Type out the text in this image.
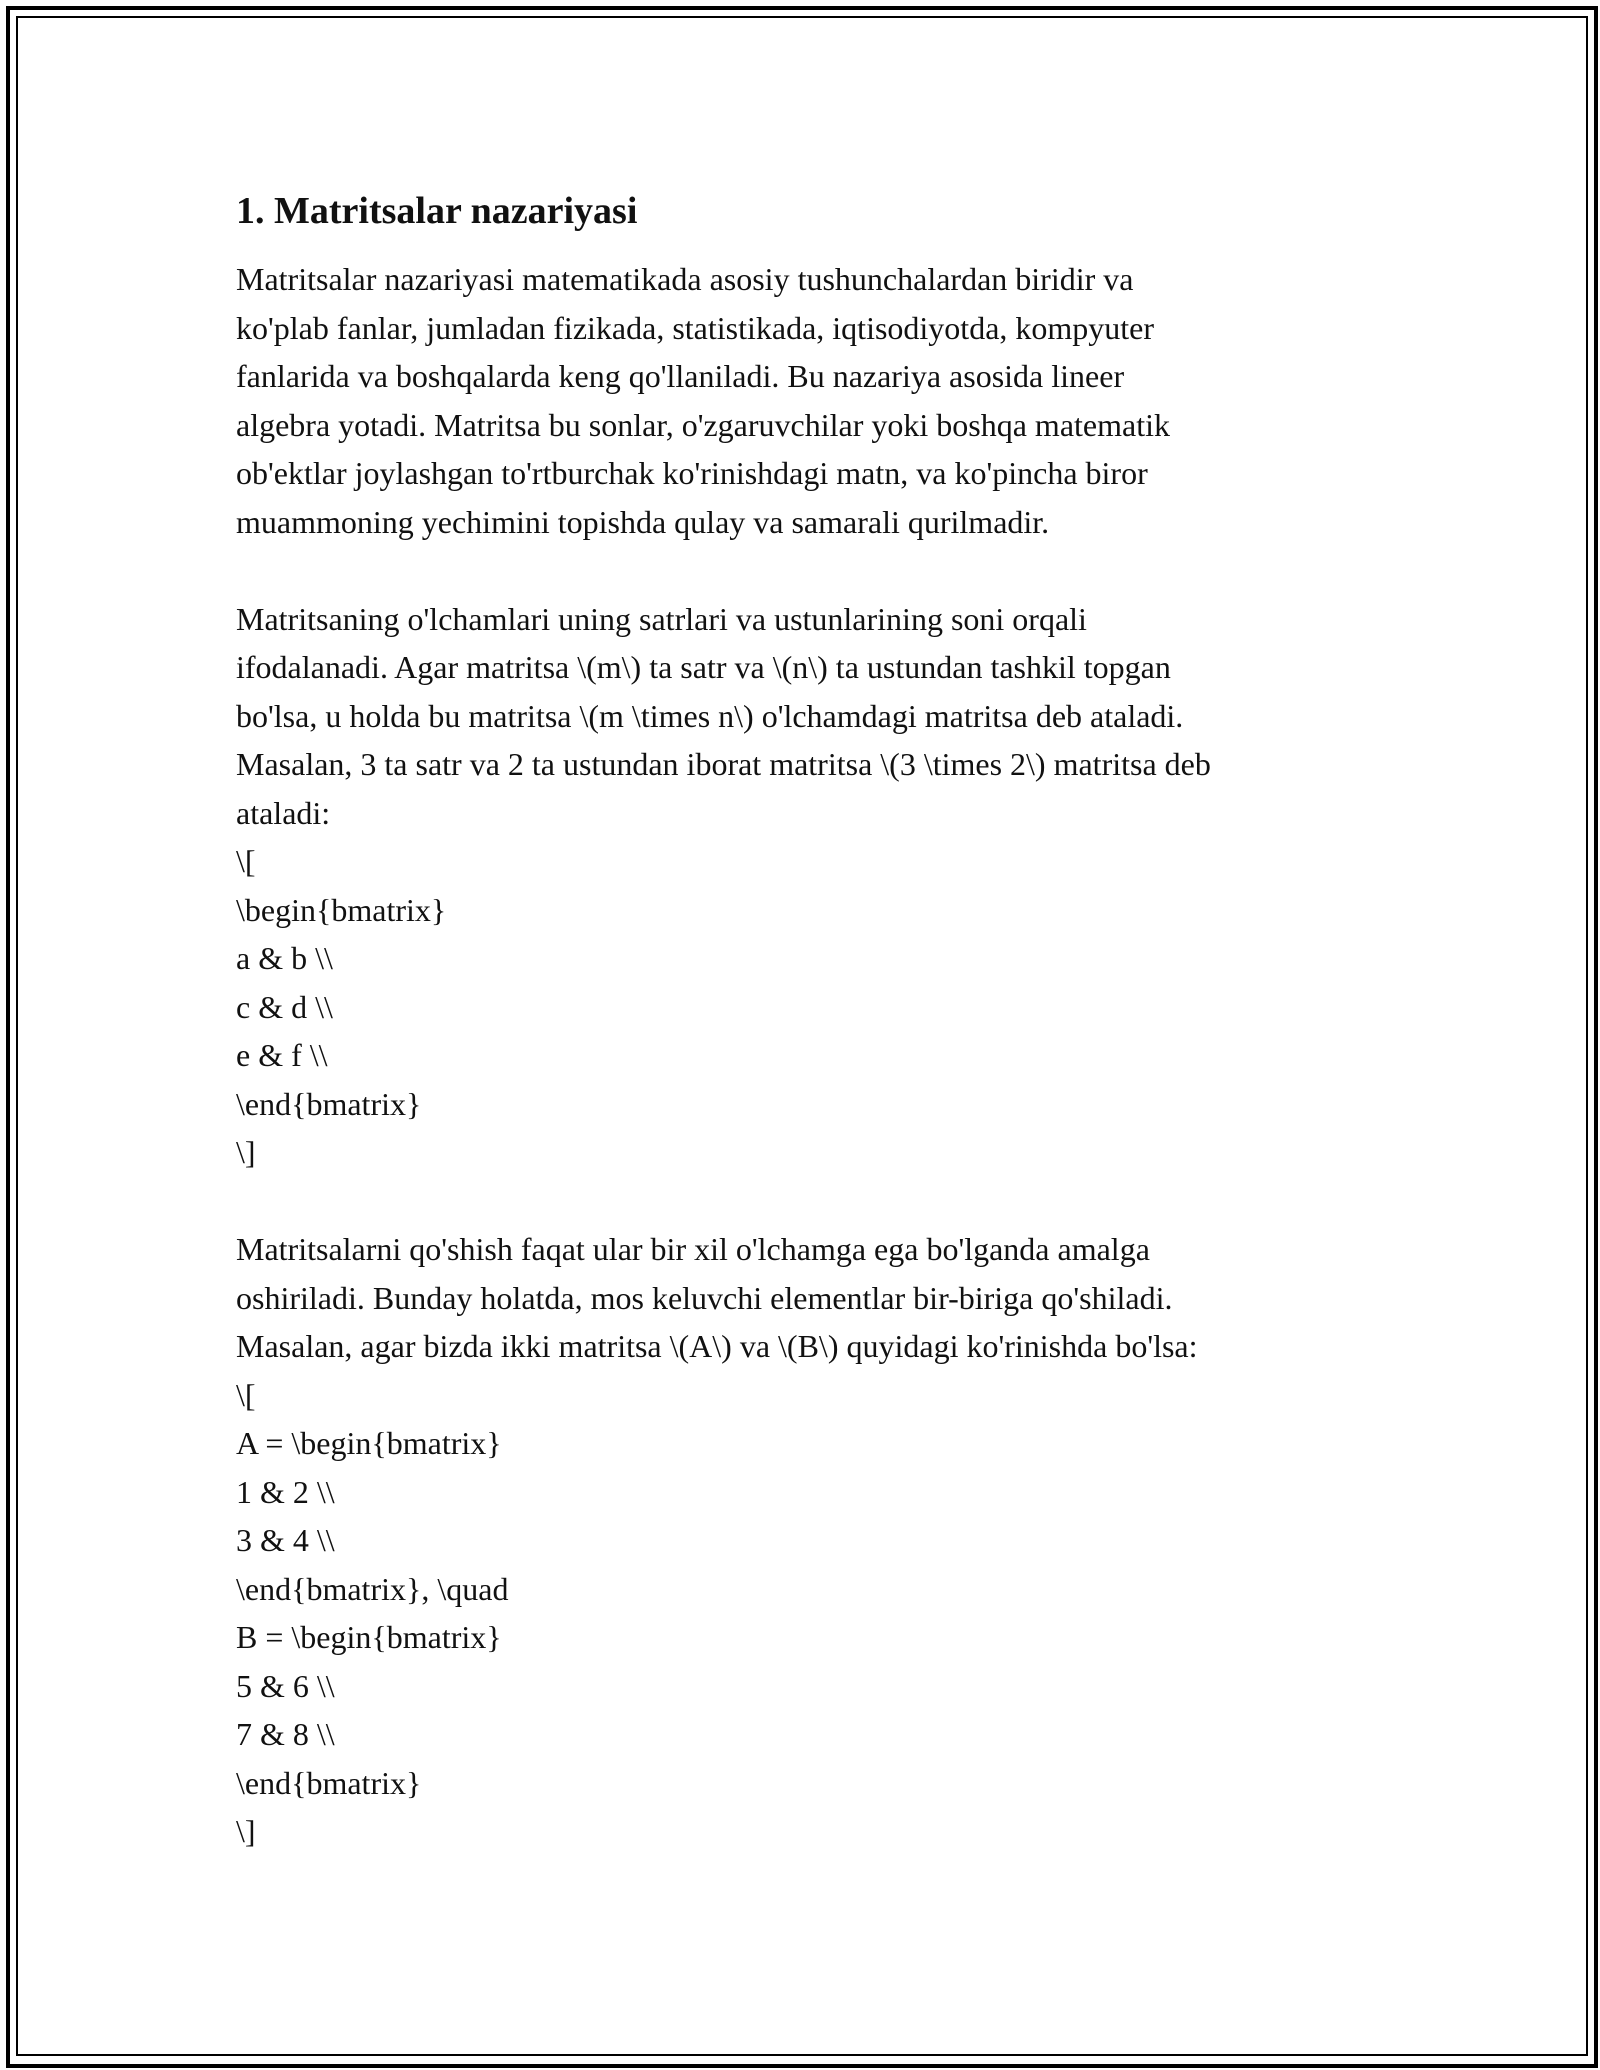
1. Matritsalar nazariyasi

Matritsalar nazariyasi matematikada asosiy tushunchalardan biridir va
ko'plab fanlar, jumladan fizikada, statistikada, iqtisodiyotda, kompyuter
fanlarida va boshqalarda keng qo'llaniladi. Bu nazariya asosida lineer
algebra yotadi. Matritsa bu sonlar, o'zgaruvchilar yoki boshqa matematik
ob'ektlar joylashgan to'rtburchak ko'rinishdagi matn, va ko'pincha biror
muammoning yechimini topishda qulay va samarali qurilmadir.

Matritsaning o'lchamlari uning satrlari va ustunlarining soni orqali
ifodalanadi. Agar matritsa \(m\) ta satr va \(n\) ta ustundan tashkil topgan
bo'lsa, u holda bu matritsa \(m \times n\) o'lchamdagi matritsa deb ataladi.
Masalan, 3 ta satr va 2 ta ustundan iborat matritsa \(3 \times 2\) matritsa deb
ataladi:

\[
\begin{bmatrix}
a & b \\
c & d \\
e & f \\
\end{bmatrix}
\]

Matritsalarni qo'shish faqat ular bir xil o'lchamga ega bo'lganda amalga
oshiriladi. Bunday holatda, mos keluvchi elementlar bir-biriga qo'shiladi.
Masalan, agar bizda ikki matritsa \(A\) va \(B\) quyidagi ko'rinishda bo'lsa:

\[
A = \begin{bmatrix}
1 & 2 \\
3 & 4 \\
\end{bmatrix}, \quad
B = \begin{bmatrix}
5 & 6 \\
7 & 8 \\
\end{bmatrix}
\]
